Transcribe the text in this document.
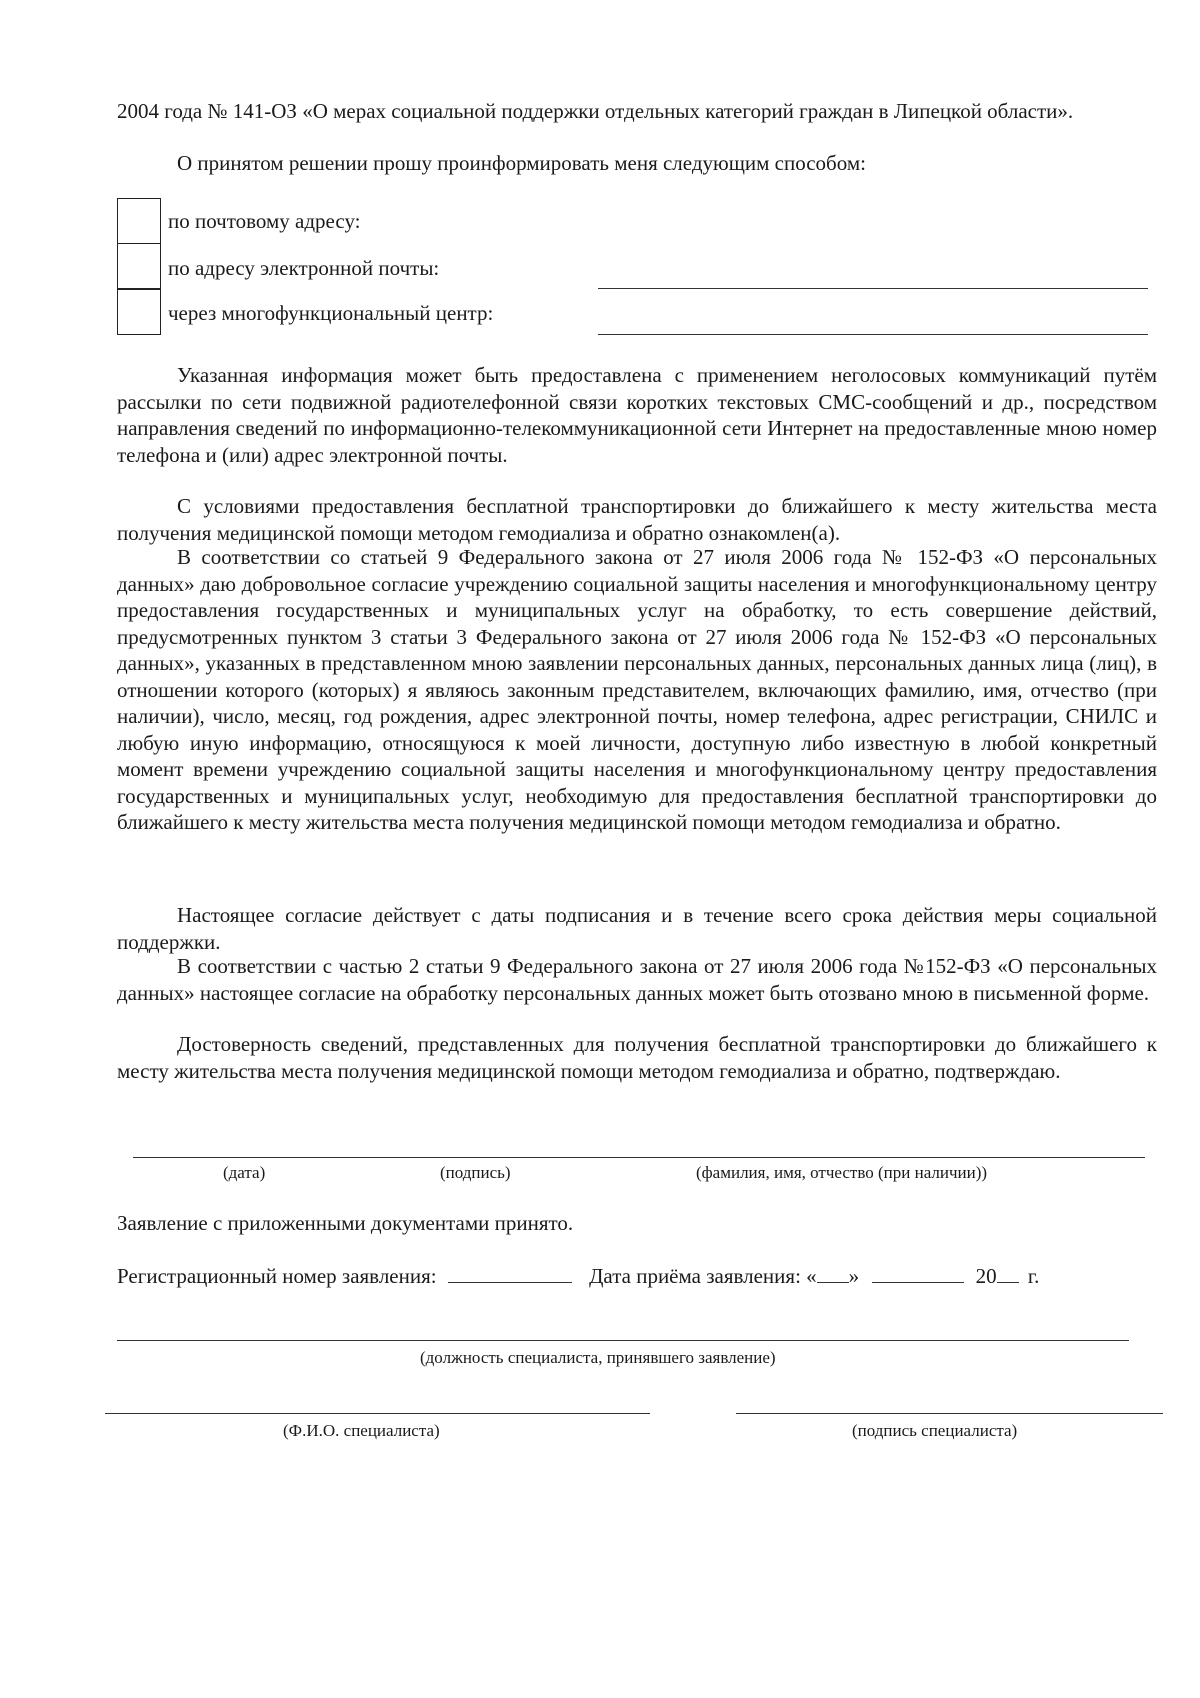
2004 года № 141-ОЗ «О мерах социальной поддержки отдельных категорий граждан в Липецкой области».

О принятом решении прошу проинформировать меня следующим способом:

по почтовому адресу:
по адресу электронной почты:
через многофункциональный центр:

Указанная информация может быть предоставлена с применением неголосовых коммуникаций путём рассылки по сети подвижной радиотелефонной связи коротких текстовых СМС-сообщений и др., посредством направления сведений по информационно-телекоммуникационной сети Интернет на предоставленные мною номер телефона и (или) адрес электронной почты.

С условиями предоставления бесплатной транспортировки до ближайшего к месту жительства места получения медицинской помощи методом гемодиализа и обратно ознакомлен(а).

В соответствии со статьей 9 Федерального закона от 27 июля 2006 года № 152-ФЗ «О персональных данных» даю добровольное согласие учреждению социальной защиты населения и многофункциональному центру предоставления государственных и муниципальных услуг на обработку, то есть совершение действий, предусмотренных пунктом 3 статьи 3 Федерального закона от 27 июля 2006 года № 152-ФЗ «О персональных данных», указанных в представленном мною заявлении персональных данных, персональных данных лица (лиц), в отношении которого (которых) я являюсь законным представителем, включающих фамилию, имя, отчество (при наличии), число, месяц, год рождения, адрес электронной почты, номер телефона, адрес регистрации, СНИЛС и любую иную информацию, относящуюся к моей личности, доступную либо известную в любой конкретный момент времени учреждению социальной защиты населения и многофункциональному центру предоставления государственных и муниципальных услуг, необходимую для предоставления бесплатной транспортировки до ближайшего к месту жительства места получения медицинской помощи методом гемодиализа и обратно.

Настоящее согласие действует с даты подписания и в течение всего срока действия меры социальной поддержки.

В соответствии с частью 2 статьи 9 Федерального закона от 27 июля 2006 года №152-ФЗ «О персональных данных» настоящее согласие на обработку персональных данных может быть отозвано мною в письменной форме.

Достоверность сведений, представленных для получения бесплатной транспортировки до ближайшего к месту жительства места получения медицинской помощи методом гемодиализа и обратно, подтверждаю.

(дата)	(подпись)	(фамилия, имя, отчество (при наличии))
Заявление с приложенными документами принято.
Регистрационный номер заявления:	Дата приёма заявления: « »	20 г.
(должность специалиста, принявшего заявление)
(Ф.И.О. специалиста)	(подпись специалиста)
